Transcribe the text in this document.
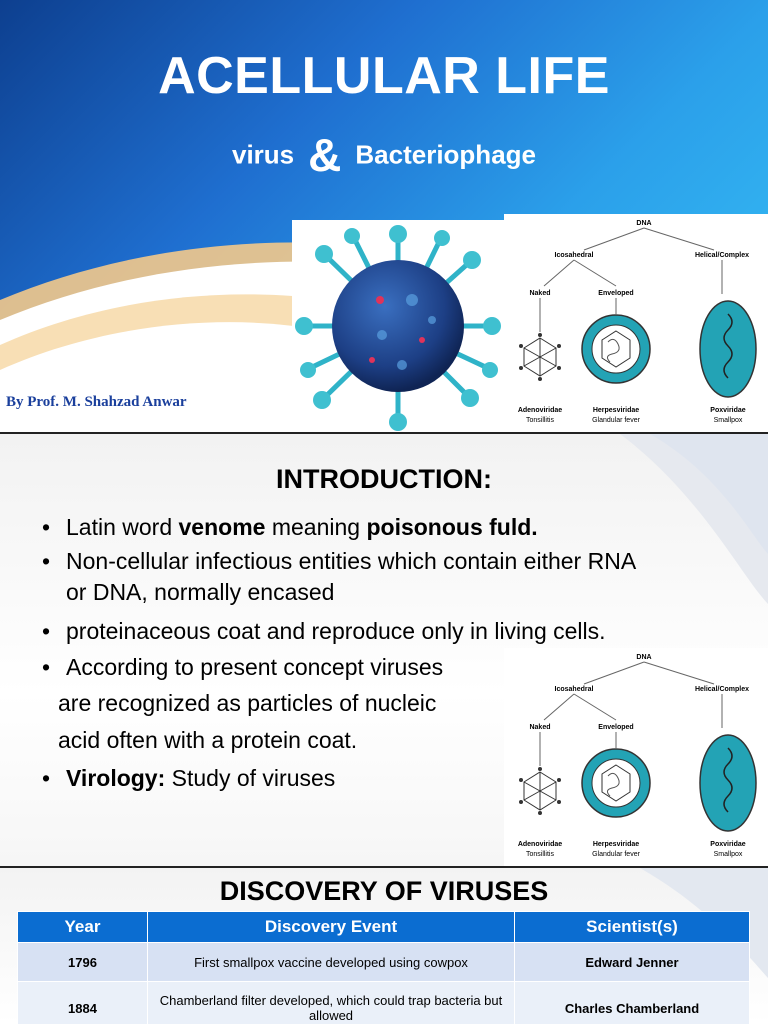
ACELLULAR LIFE
virus & Bacteriophage
By Prof. M. Shahzad Anwar
DNA
Icosahedral	Helical/Complex
Naked	Enveloped
Adenoviridae
Tonsillitis
Herpesviridae
Glandular fever
Poxviridae
Smallpox
INTRODUCTION:
• Latin word venome meaning poisonous fuld.
• Non-cellular infectious entities which contain either RNA
or DNA, normally encased
• proteinaceous coat and reproduce only in living cells.
• According to present concept viruses
are recognized as particles of nucleic
acid often with a protein coat.
• Virology: Study of viruses
DNA
Icosahedral	Helical/Complex
Naked	Enveloped
Adenoviridae
Tonsillitis
Herpesviridae
Glandular fever
Poxviridae
Smallpox
DISCOVERY OF VIRUSES
Year	Discovery Event	Scientist(s)
1796	First smallpox vaccine developed using cowpox	Edward Jenner
1884	Chamberland filter developed, which could trap bacteria but allowed	Charles Chamberland
